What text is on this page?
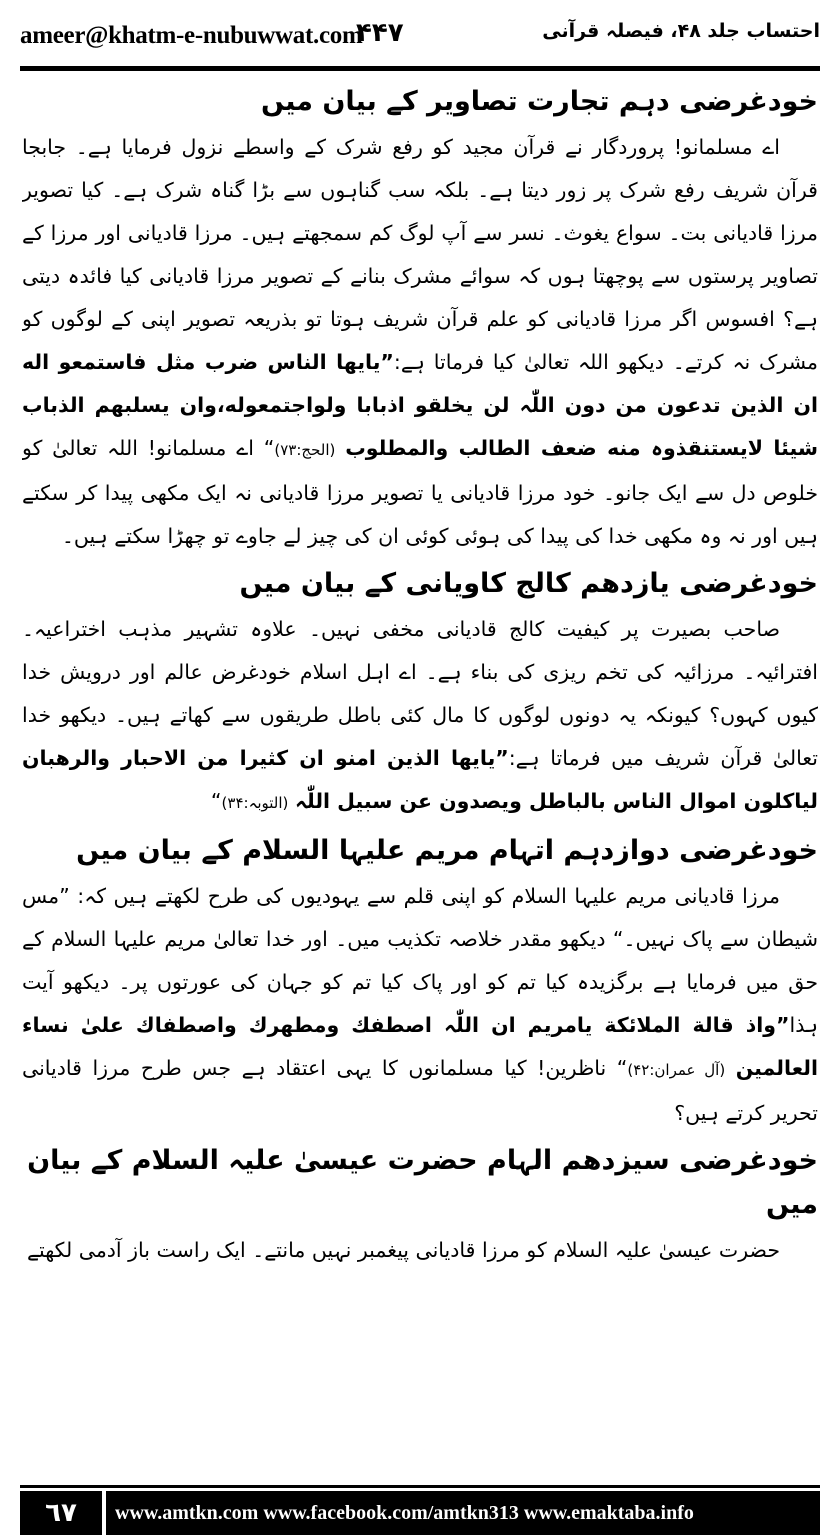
ameer@khatm-e-nubuwwat.com
۴۴۷	احتساب جلد ۴۸، فیصلہ قرآنی
خودغرضی دہم تجارت تصاویر کے بیان میں

اے مسلمانو! پروردگار نے قرآن مجید کو رفع شرک کے واسطے نزول فرمایا ہے۔ جابجا قرآن شریف رفع شرک پر زور دیتا ہے۔ بلکہ سب گناہوں سے بڑا گناہ شرک ہے۔ کیا تصویر مرزا قادیانی بت۔ سواع یغوث۔ نسر سے آپ لوگ کم سمجھتے ہیں۔ مرزا قادیانی اور مرزا کے تصاویر پرستوں سے پوچھتا ہوں کہ سوائے مشرک بنانے کے تصویر مرزا قادیانی کیا فائدہ دیتی ہے؟ افسوس اگر مرزا قادیانی کو علم قرآن شریف ہوتا تو بذریعہ تصویر اپنی کے لوگوں کو مشرک نہ کرتے۔ دیکھو اللہ تعالیٰ کیا فرماتا ہے:”یایھا الناس ضرب مثل فاستمعو اله ان الذین تدعون من دون اللّٰہ لن یخلقو اذبابا ولواجتمعوله،وان یسلبھم الذباب شیئا لایستنقذوہ منه ضعف الطالب والمطلوب (الحج:۷۳)“ اے مسلمانو! اللہ تعالیٰ کو خلوص دل سے ایک جانو۔ خود مرزا قادیانی یا تصویر مرزا قادیانی نہ ایک مکھی پیدا کر سکتے ہیں اور نہ وہ مکھی خدا کی پیدا کی ہوئی کوئی ان کی چیز لے جاوے تو چھڑا سکتے ہیں۔

خودغرضی یازدھم کالج کاویانی کے بیان میں

صاحب بصیرت پر کیفیت کالج قادیانی مخفی نہیں۔ علاوہ تشہیر مذہب اختراعیہ۔ افترائیہ۔ مرزائیہ کی تخم ریزی کی بناء ہے۔ اے اہل اسلام خودغرض عالم اور درویش خدا کیوں کہوں؟ کیونکہ یہ دونوں لوگوں کا مال کئی باطل طریقوں سے کھاتے ہیں۔ دیکھو خدا تعالیٰ قرآن شریف میں فرماتا ہے:”یایھا الذین امنو ان کثیرا من الاحبار والرھبان لیاکلون اموال الناس بالباطل ویصدون عن سبیل اللّٰہ (التوبہ:۳۴)“

خودغرضی دوازدہم اتہام مریم علیہا السلام کے بیان میں

مرزا قادیانی مریم علیہا السلام کو اپنی قلم سے یہودیوں کی طرح لکھتے ہیں کہ: ”مس شیطان سے پاک نہیں۔“ دیکھو مقدر خلاصہ تکذیب میں۔ اور خدا تعالیٰ مریم علیہا السلام کے حق میں فرمایا ہے برگزیدہ کیا تم کو اور پاک کیا تم کو جہان کی عورتوں پر۔ دیکھو آیت ہذا”واذ قالة الملائکة یامریم ان اللّٰہ اصطفك ومطھرك واصطفاك علیٰ نساء العالمین (آل عمران:۴۲)“ ناظرین! کیا مسلمانوں کا یہی اعتقاد ہے جس طرح مرزا قادیانی تحریر کرتے ہیں؟

خودغرضی سیزدھم الہام حضرت عیسیٰ علیہ السلام کے بیان میں

حضرت عیسیٰ علیہ السلام کو مرزا قادیانی پیغمبر نہیں مانتے۔ ایک راست باز آدمی لکھتے

٦٧	www.amtkn.com www.facebook.com/amtkn313 www.emaktaba.info
